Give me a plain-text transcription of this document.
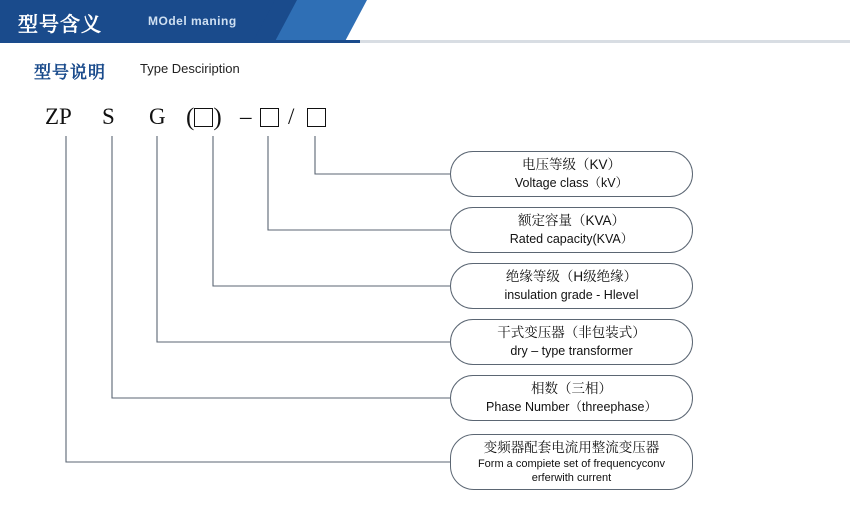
型号含义	MOdel maning
型号说明	Type Desciription
ZP S G ( ) – /
电压等级（KV）
Voltage class（kV）
额定容量（KVA）
Rated capacity(KVA）
绝缘等级（H级绝缘）
insulation grade - Hlevel
干式变压器（非包装式）
dry – type transformer
相数（三相）
Phase Number（threephase）
变频器配套电流用整流变压器
Form a compiete set of frequencyconv erferwith current
